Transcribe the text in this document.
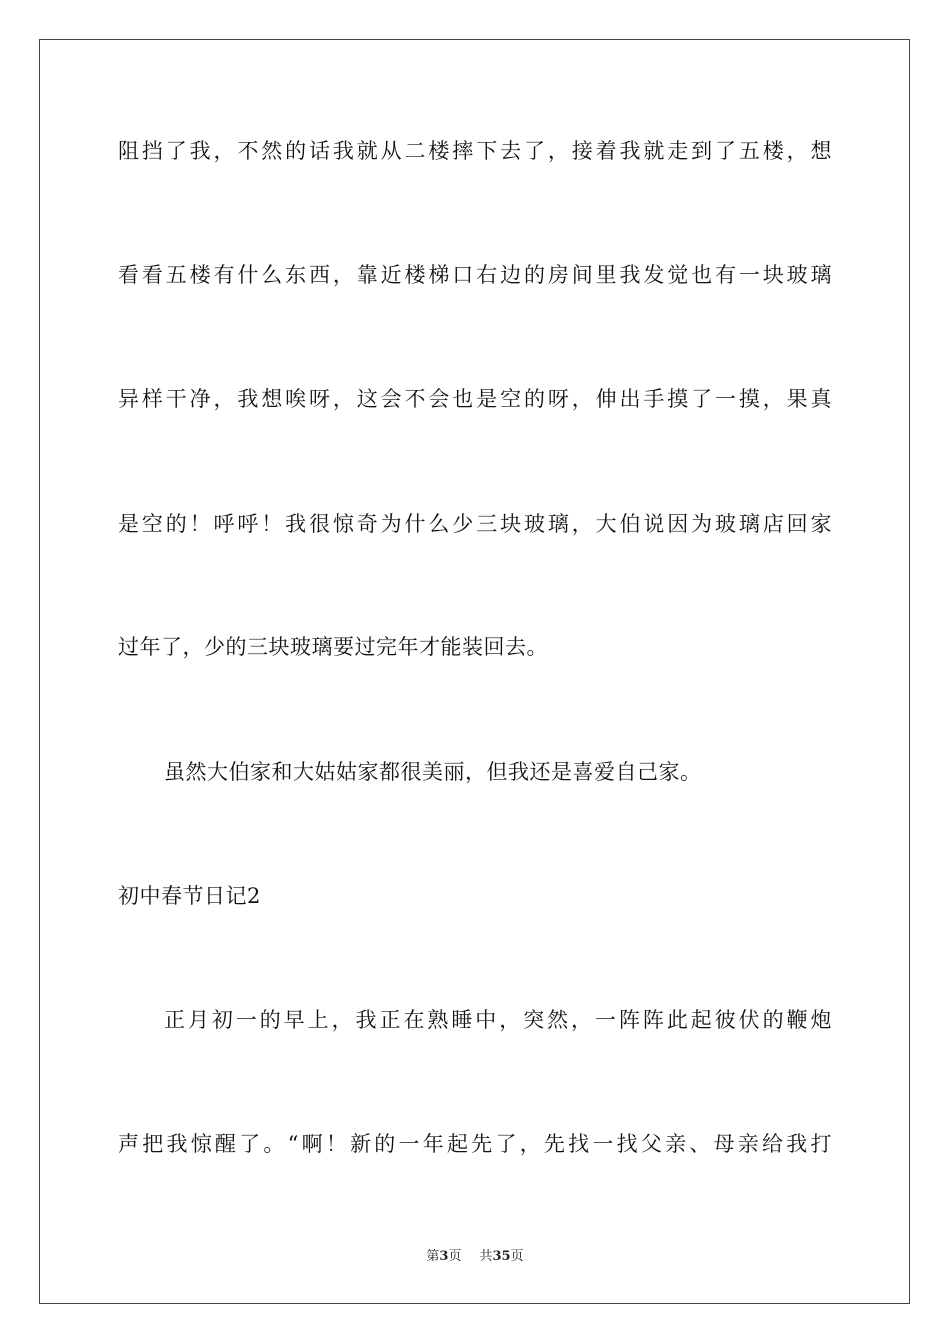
阻挡了我，不然的话我就从二楼摔下去了，接着我就走到了五楼，想
看看五楼有什么东西，靠近楼梯口右边的房间里我发觉也有一块玻璃
异样干净，我想唉呀，这会不会也是空的呀，伸出手摸了一摸，果真
是空的！呼呼！我很惊奇为什么少三块玻璃，大伯说因为玻璃店回家
过年了，少的三块玻璃要过完年才能装回去。
虽然大伯家和大姑姑家都很美丽，但我还是喜爱自己家。
初中春节日记2
正月初一的早上，我正在熟睡中，突然，一阵阵此起彼伏的鞭炮
声把我惊醒了。“啊！新的一年起先了，先找一找父亲、母亲给我打
第3页 共35页
